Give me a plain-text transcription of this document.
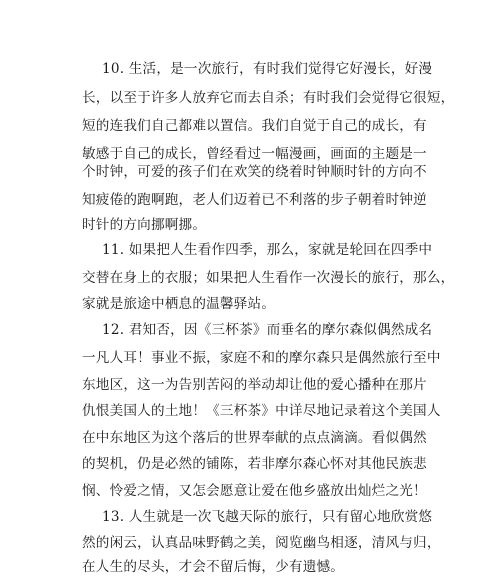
10. 生活，是一次旅行，有时我们觉得它好漫长，好漫
长，以至于许多人放弃它而去自杀；有时我们会觉得它很短，
短的连我们自己都难以置信。我们自觉于自己的成长，有
敏感于自己的成长，曾经看过一幅漫画，画面的主题是一
个时钟，可爱的孩子们在欢笑的绕着时钟顺时针的方向不
知疲倦的跑啊跑，老人们迈着已不利落的步子朝着时钟逆
时针的方向挪啊挪。
11. 如果把人生看作四季，那么，家就是轮回在四季中
交替在身上的衣服；如果把人生看作一次漫长的旅行，那么，
家就是旅途中栖息的温馨驿站。
12. 君知否，因《三杯茶》而垂名的摩尔森似偶然成名
一凡人耳！事业不振，家庭不和的摩尔森只是偶然旅行至中
东地区，这一为告别苦闷的举动却让他的爱心播种在那片
仇恨美国人的土地！《三杯茶》中详尽地记录着这个美国人
在中东地区为这个落后的世界奉献的点点滴滴。看似偶然
的契机，仍是必然的铺陈，若非摩尔森心怀对其他民族悲
悯、怜爱之情，又怎会愿意让爱在他乡盛放出灿烂之光！
13. 人生就是一次飞越天际的旅行，只有留心地欣赏悠
然的闲云，认真品味野鹤之美，阅览幽鸟相逐，清风与归，
在人生的尽头，才会不留后悔，少有遗憾。
